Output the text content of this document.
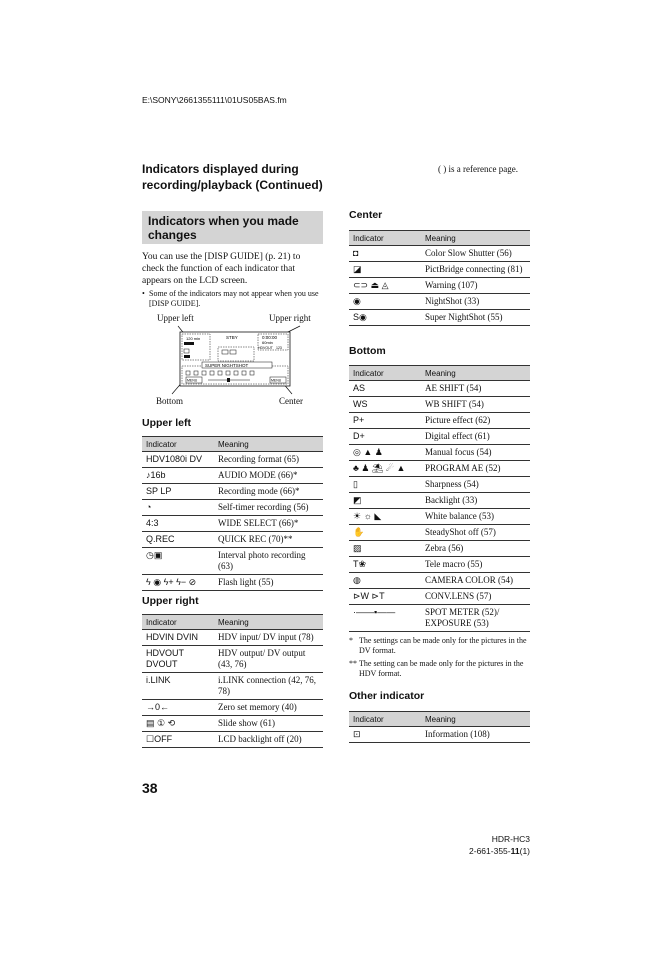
E:\SONY\2661355111\01US05BAS.fm
Indicators displayed during recording/playback (Continued)
( ) is a reference page.
Indicators when you made changes
You can use the [DISP GUIDE] (p. 21) to check the function of each indicator that appears on the LCD screen.
• Some of the indicators may not appear when you use [DISP GUIDE].
Upper left	Upper right
Bottom	Center
120 min	STBY	0:00:00
60min
HDVOUT 123
SUPER NIGHTSHOT
MENU	MENU
Upper left
Indicator	Meaning
HDV1080i DV	Recording format (65)
♪16b	AUDIO MODE (66)*
SP LP	Recording mode (66)*
◔	Self-timer recording (56)
4:3	WIDE SELECT (66)*
Q.REC	QUICK REC (70)**
◷▣	Interval photo recording (63)
ϟ ◉ ϟ+ ϟ− ⊘	Flash light (55)
Upper right
Indicator	Meaning
HDVIN DVIN	HDV input/ DV input (78)
HDVOUT DVOUT	HDV output/ DV output (43, 76)
i.LINK	i.LINK connection (42, 76, 78)
→0←	Zero set memory (40)
▤ ① ⟲	Slide show (61)
☐OFF	LCD backlight off (20)
Center
Indicator	Meaning
◘	Color Slow Shutter (56)
◪	PictBridge connecting (81)
⊂⊃ ⏏ ◬	Warning (107)
◉	NightShot (33)
S◉	Super NightShot (55)
Bottom
Indicator	Meaning
AS	AE SHIFT (54)
WS	WB SHIFT (54)
P+	Picture effect (62)
D+	Digital effect (61)
◎ ▲ ♟	Manual focus (54)
♣ ♟ ⛱ ☄ ▲	PROGRAM AE (52)
▯	Sharpness (54)
◩	Backlight (33)
☀ ☼ ◣	White balance (53)
✋	SteadyShot off (57)
▨	Zebra (56)
T❀	Tele macro (55)
◍	CAMERA COLOR (54)
⊳W ⊳T	CONV.LENS (57)
·——▪——	SPOT METER (52)/ EXPOSURE (53)
* The settings can be made only for the pictures in the DV format.
** The setting can be made only for the pictures in the HDV format.
Other indicator
Indicator	Meaning
⊡	Information (108)
38
HDR-HC3
2-661-355-11(1)
